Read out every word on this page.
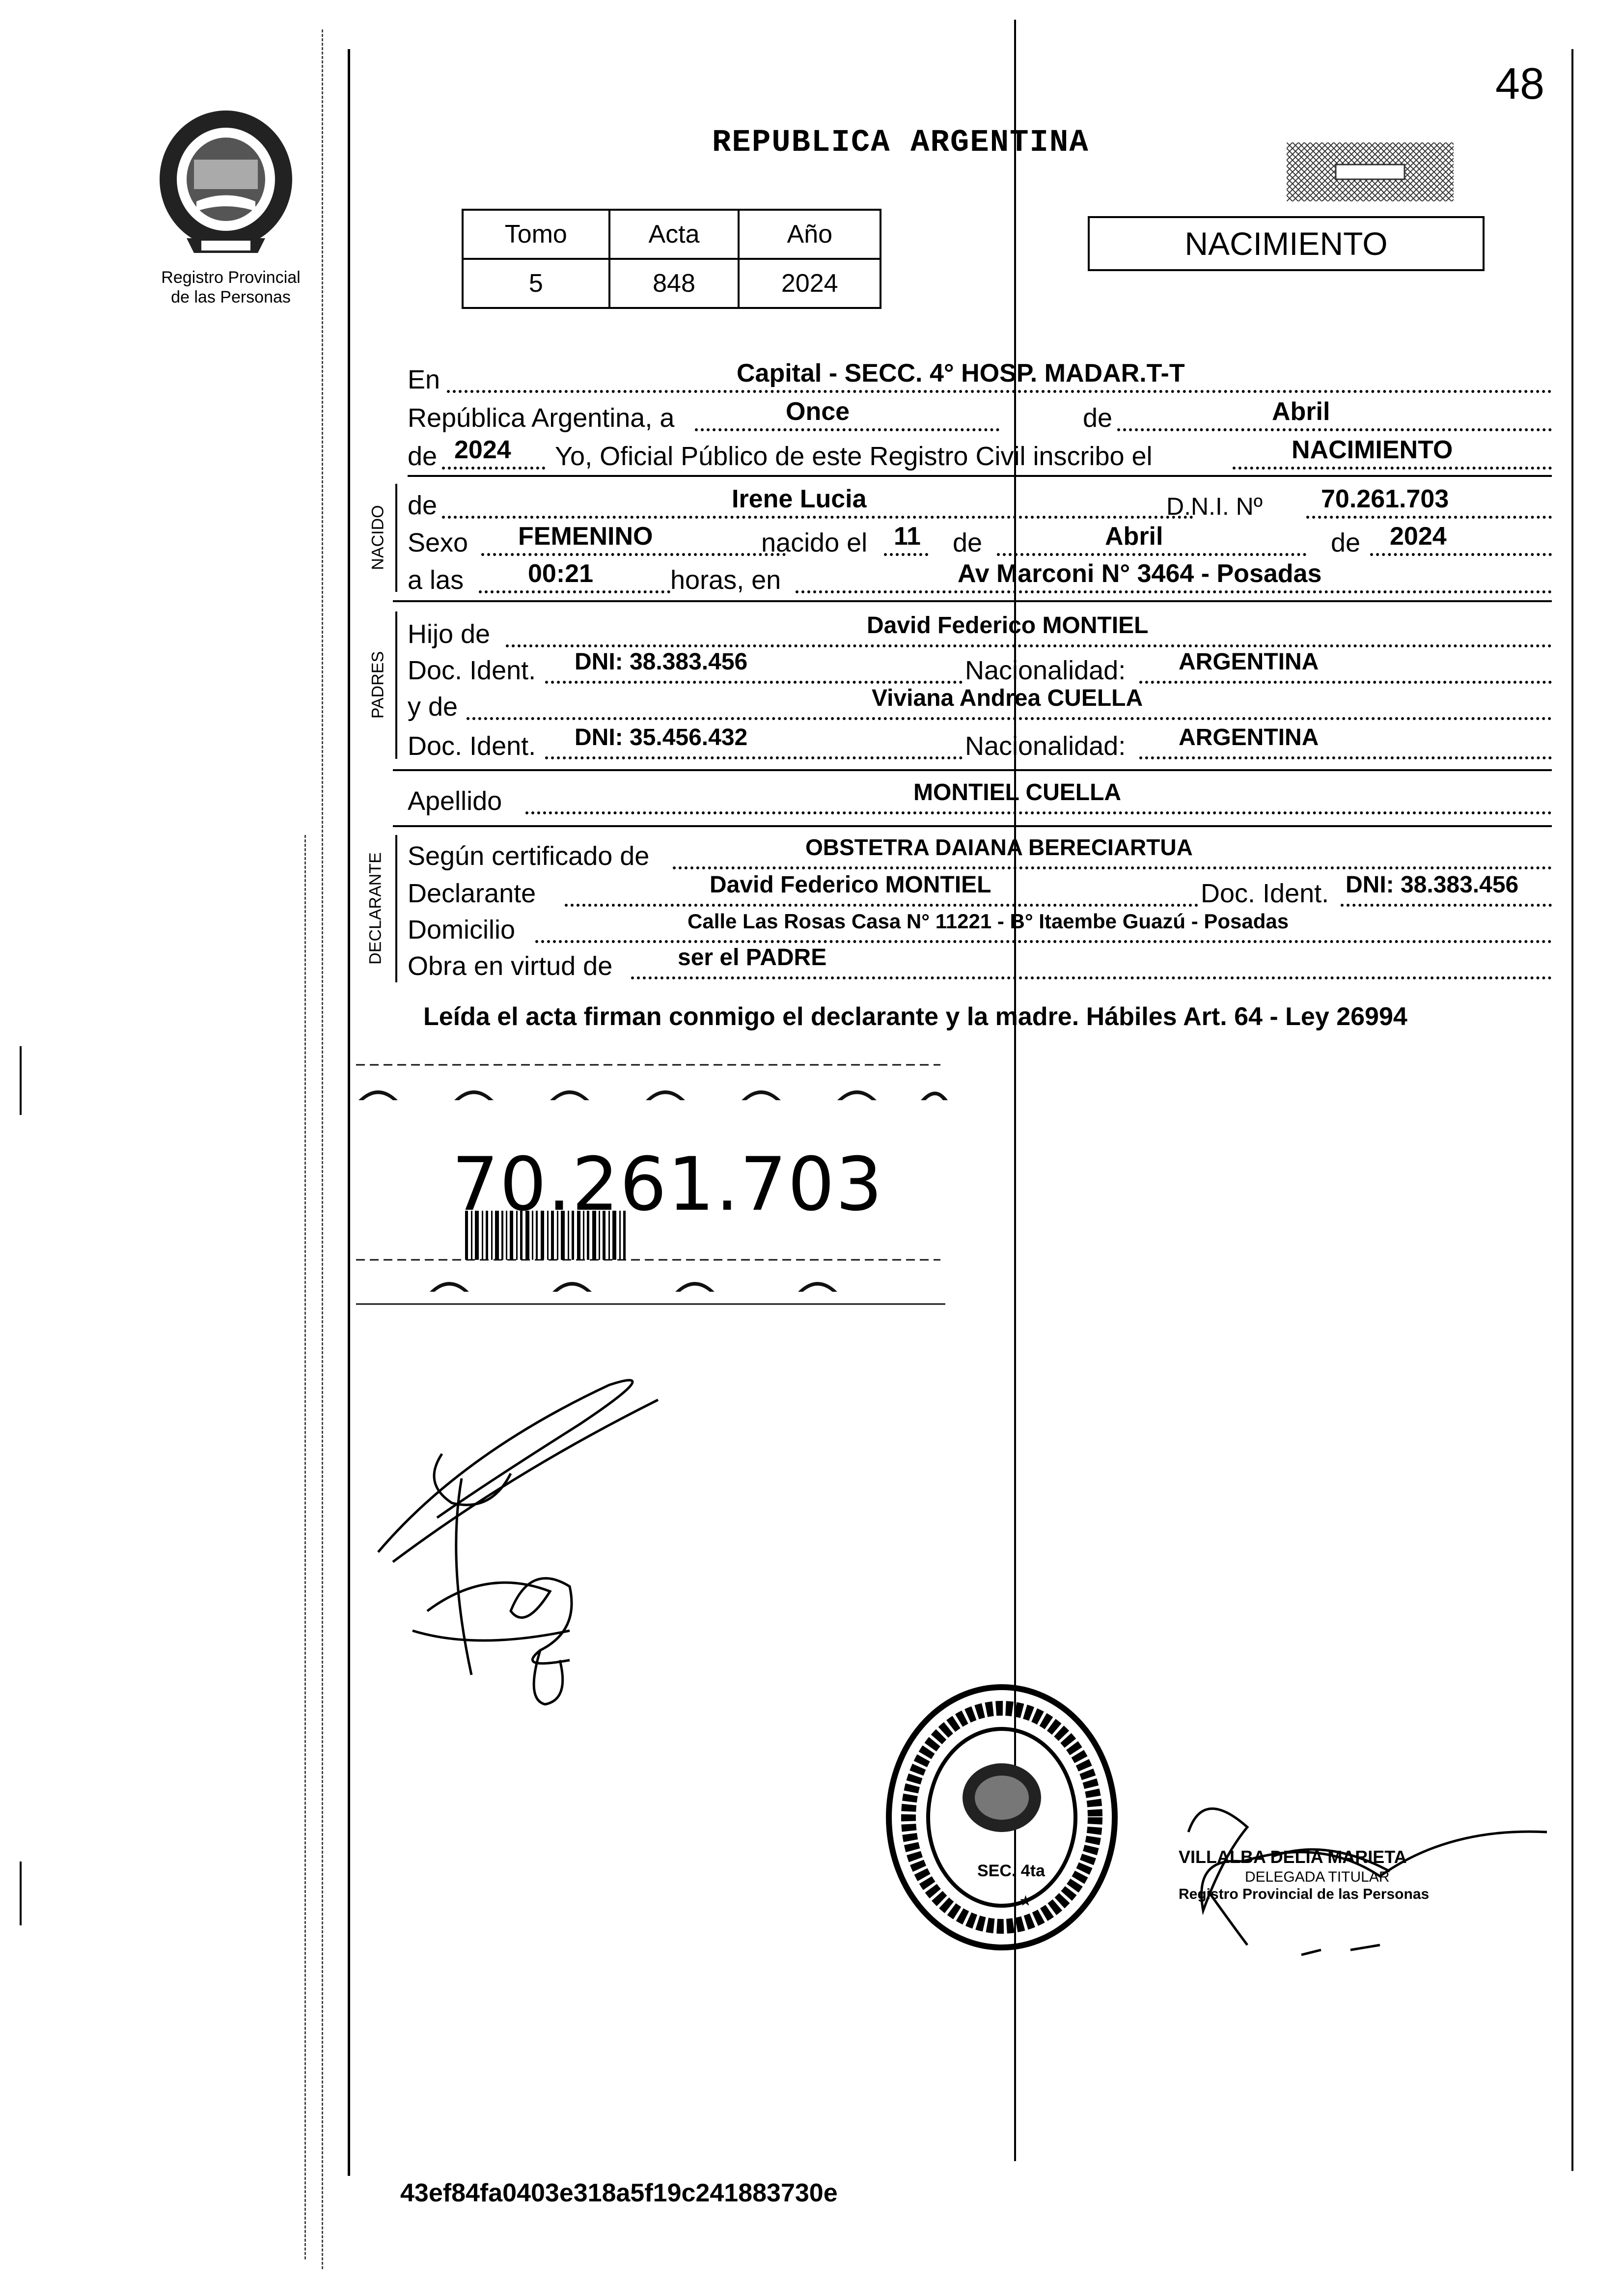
48
Registro Provincial
de las Personas
REPUBLICA ARGENTINA
Tomo	Acta	Año
5	848	2024
NACIMIENTO
En	Capital - SECC. 4° HOSP. MADAR.T-T
República Argentina, a	Once	de	Abril
de 2024 Yo, Oficial Público de este Registro Civil inscribo el	NACIMIENTO
NACIDO de	Irene Lucia	D.N.I. Nº 70.261.703
Sexo FEMENINO	nacido el 11 de	Abril	de 2024
a las	00:21	horas, en	Av Marconi N° 3464 - Posadas
PADRES
Hijo de	David Federico MONTIEL
Doc. Ident. DNI: 38.383.456	Nacionalidad: ARGENTINA
y de	Viviana Andrea CUELLA
Doc. Ident. DNI: 35.456.432	Nacionalidad: ARGENTINA
Apellido	MONTIEL CUELLA
DECLARANTE Según certificado de	OBSTETRA DAIANA BERECIARTUA
Declarante	David Federico MONTIEL	Doc. Ident. DNI: 38.383.456
Domicilio	Calle Las Rosas Casa N° 11221 - B° Itaembe Guazú - Posadas
Obra en virtud de	ser el PADRE
Leída el acta firman conmigo el declarante y la madre. Hábiles Art. 64 - Ley 26994
70.261.703
SEC. 4ta
★
VILLALBA DELIA MARIETA
DELEGADA TITULAR
Registro Provincial de las Personas
43ef84fa0403e318a5f19c241883730e
